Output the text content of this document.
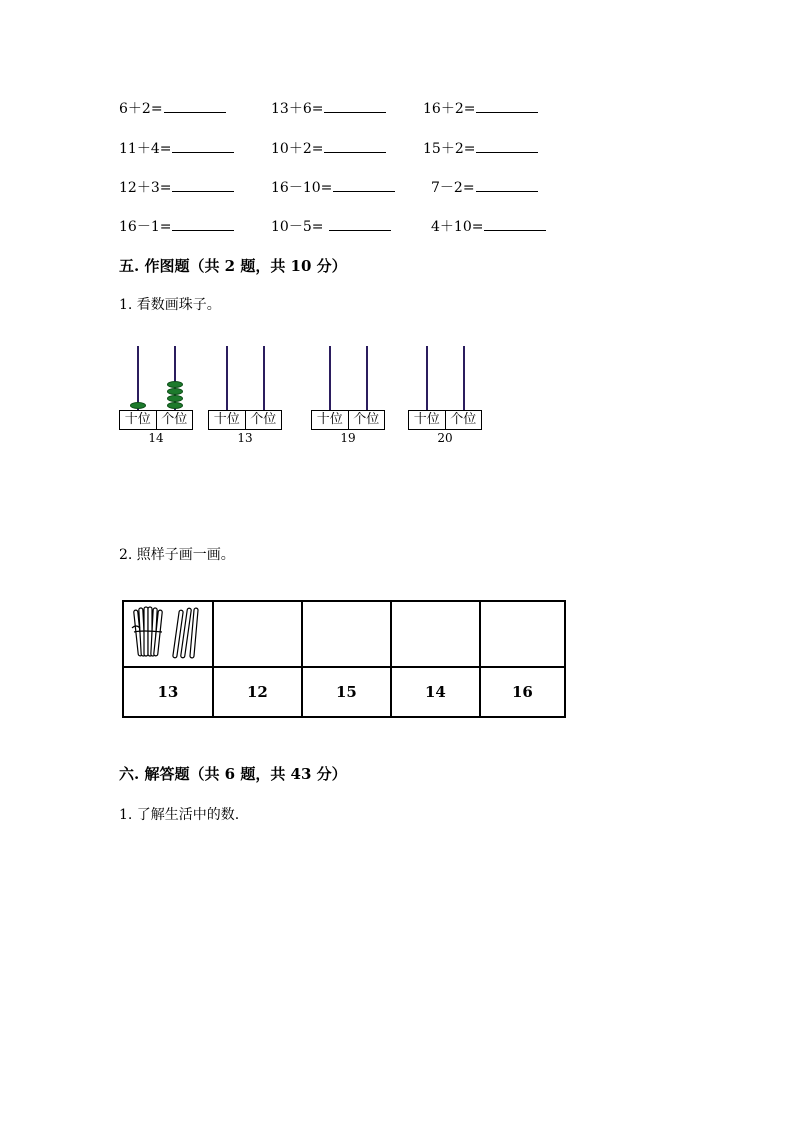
6＋2=	13＋6=	16＋2=
11＋4=	10＋2=	15＋2=
12＋3=	16－10=	7－2=
16－1=	10－5=	4＋10=
五. 作图题（共 2 题，共 10 分）
1. 看数画珠子。
十位 个位
14
十位 个位
13
十位 个位
19
十位 个位
20
2. 照样子画一画。

13	12	15	14	16
六. 解答题（共 6 题，共 43 分）
1. 了解生活中的数.
